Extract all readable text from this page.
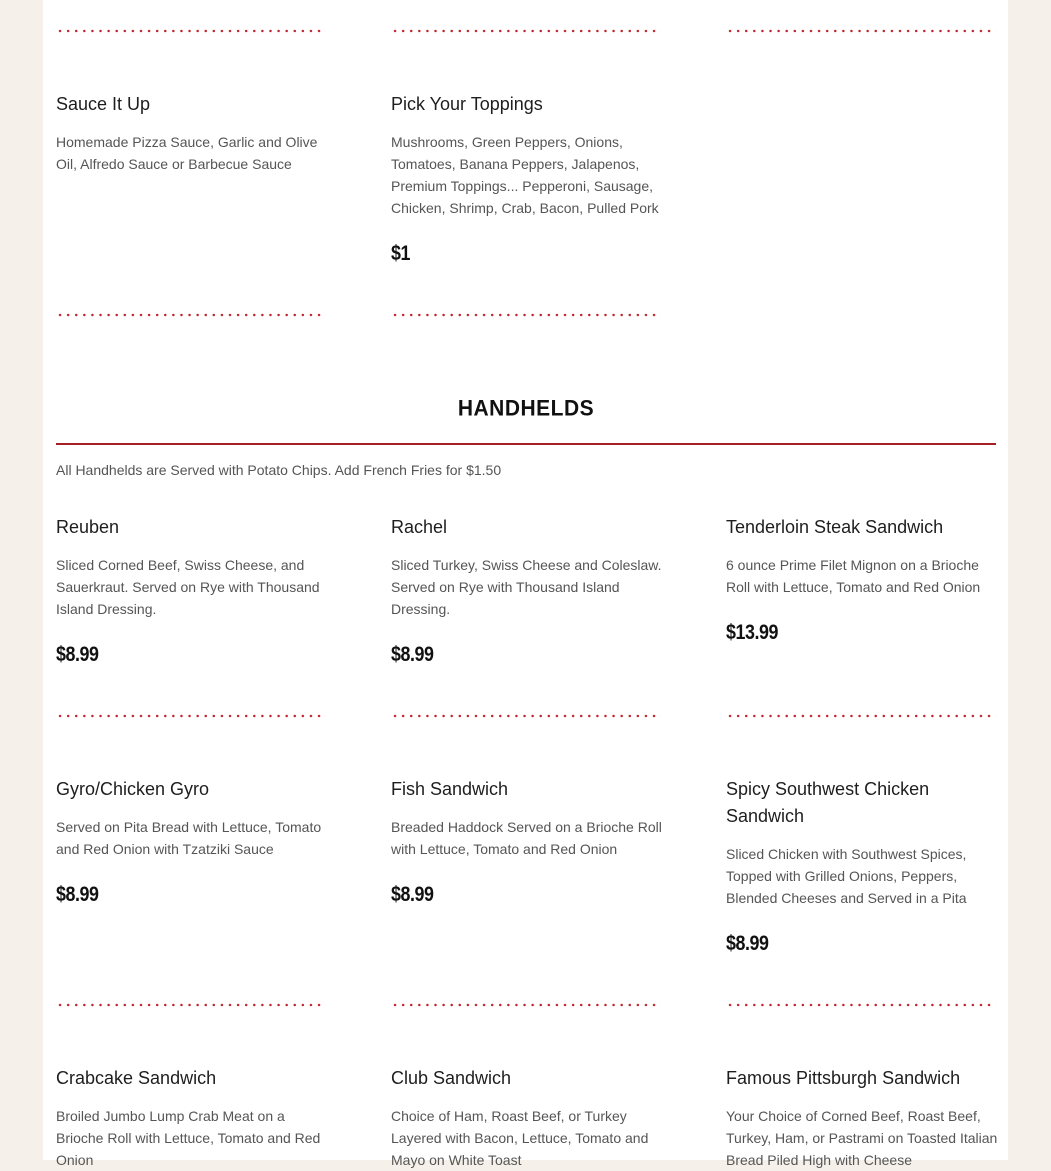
Sauce It Up
Homemade Pizza Sauce, Garlic and Olive Oil, Alfredo Sauce or Barbecue Sauce
Pick Your Toppings
Mushrooms, Green Peppers, Onions, Tomatoes, Banana Peppers, Jalapenos, Premium Toppings... Pepperoni, Sausage, Chicken, Shrimp, Crab, Bacon, Pulled Pork
$1
HANDHELDS
All Handhelds are Served with Potato Chips. Add French Fries for $1.50
Reuben
Sliced Corned Beef, Swiss Cheese, and Sauerkraut. Served on Rye with Thousand Island Dressing.
$8.99
Rachel
Sliced Turkey, Swiss Cheese and Coleslaw. Served on Rye with Thousand Island Dressing.
$8.99
Tenderloin Steak Sandwich
6 ounce Prime Filet Mignon on a Brioche Roll with Lettuce, Tomato and Red Onion
$13.99
Gyro/Chicken Gyro
Served on Pita Bread with Lettuce, Tomato and Red Onion with Tzatziki Sauce
$8.99
Fish Sandwich
Breaded Haddock Served on a Brioche Roll with Lettuce, Tomato and Red Onion
$8.99
Spicy Southwest Chicken Sandwich
Sliced Chicken with Southwest Spices, Topped with Grilled Onions, Peppers, Blended Cheeses and Served in a Pita
$8.99
Crabcake Sandwich
Broiled Jumbo Lump Crab Meat on a Brioche Roll with Lettuce, Tomato and Red Onion
Club Sandwich
Choice of Ham, Roast Beef, or Turkey Layered with Bacon, Lettuce, Tomato and Mayo on White Toast
Famous Pittsburgh Sandwich
Your Choice of Corned Beef, Roast Beef, Turkey, Ham, or Pastrami on Toasted Italian Bread Piled High with Cheese
